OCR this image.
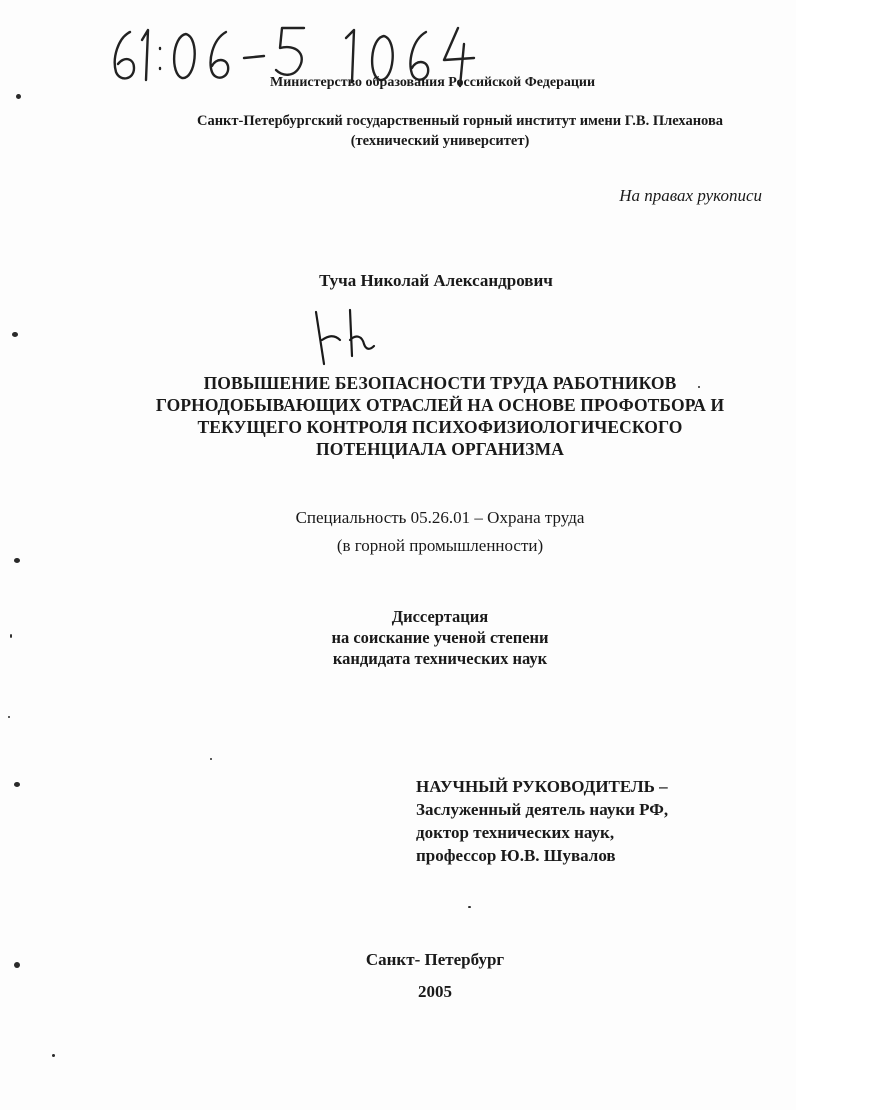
61:06-5 1064
Министерство образования Российской Федерации
Санкт-Петербургский государственный горный институт имени Г.В. Плеханова
(технический университет)
На правах рукописи
Туча Николай Александрович
ПОВЫШЕНИЕ БЕЗОПАСНОСТИ ТРУДА РАБОТНИКОВ
ГОРНОДОБЫВАЮЩИХ ОТРАСЛЕЙ НА ОСНОВЕ ПРОФОТБОРА И
ТЕКУЩЕГО КОНТРОЛЯ ПСИХОФИЗИОЛОГИЧЕСКОГО
ПОТЕНЦИАЛА ОРГАНИЗМА
Специальность 05.26.01 – Охрана труда
(в горной промышленности)
Диссертация
на соискание ученой степени
кандидата технических наук
НАУЧНЫЙ РУКОВОДИТЕЛЬ –
Заслуженный деятель науки РФ,
доктор технических наук,
профессор Ю.В. Шувалов
Санкт- Петербург
2005
